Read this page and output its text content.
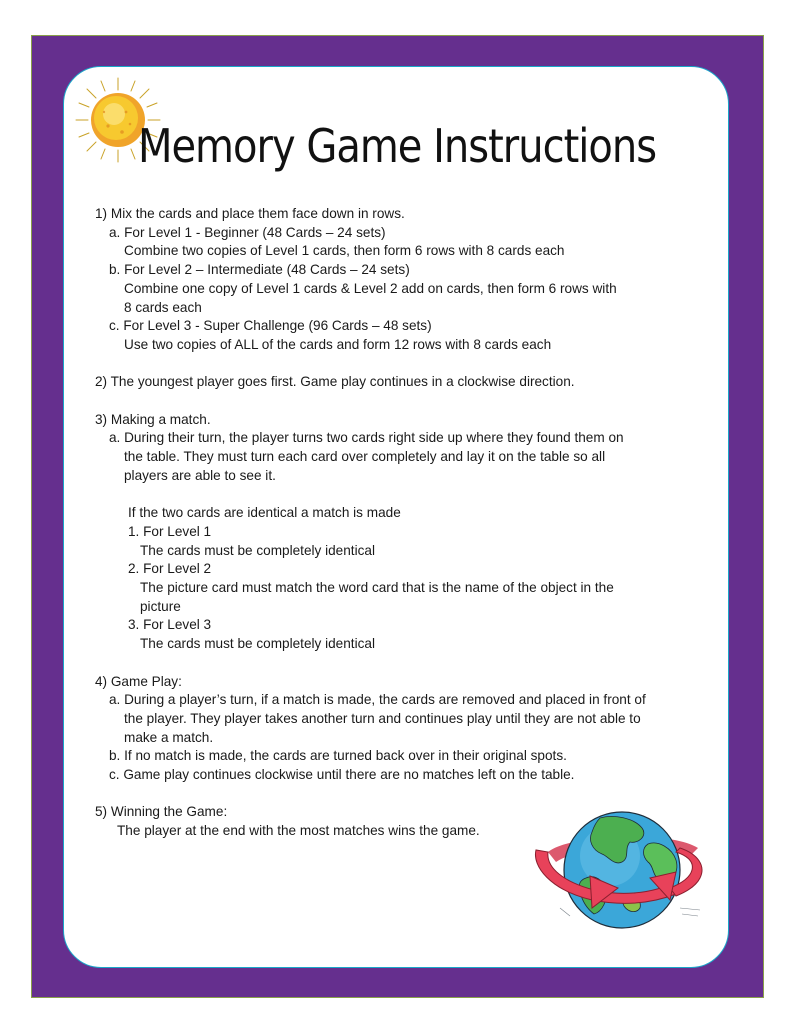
Memory Game Instructions

1) Mix the cards and place them face down in rows.

a. For Level 1 - Beginner (48 Cards – 24 sets)

Combine two copies of Level 1 cards, then form 6 rows with 8 cards each

b. For Level 2 – Intermediate (48 Cards – 24 sets)

Combine one copy of Level 1 cards & Level 2 add on cards, then form 6 rows with

8 cards each

c. For Level 3 - Super Challenge (96 Cards – 48 sets)

Use two copies of ALL of the cards and form 12 rows with 8 cards each

2) The youngest player goes first. Game play continues in a clockwise direction.

3) Making a match.

a. During their turn, the player turns two cards right side up where they found them on

the table. They must turn each card over completely and lay it on the table so all

players are able to see it.

If the two cards are identical a match is made

1. For Level 1

The cards must be completely identical

2. For Level 2

The picture card must match the word card that is the name of the object in the

picture

3. For Level 3

The cards must be completely identical

4) Game Play:

a. During a player’s turn, if a match is made, the cards are removed and placed in front of

the player. They player takes another turn and continues play until they are not able to

make a match.

b. If no match is made, the cards are turned back over in their original spots.

c. Game play continues clockwise until there are no matches left on the table.

5) Winning the Game:

The player at the end with the most matches wins the game.
